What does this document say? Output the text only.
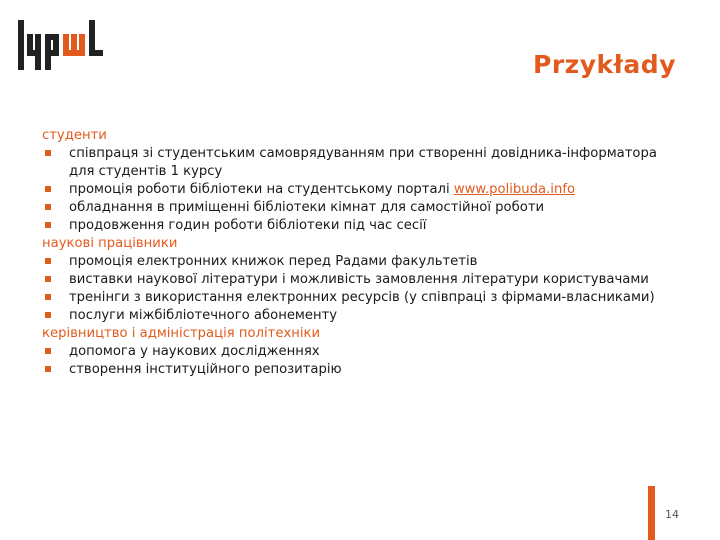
Przykłady
студенти
співпраця зі студентським самоврядуванням при створенні довідника-інформатора для студентів 1 курсу
промоція роботи бібліотеки на студентському порталі www.polibuda.info
обладнання в приміщенні бібліотеки кімнат для самостійної роботи
продовження годин роботи бібліотеки під час сесії
наукові працівники
промоція електронних книжок перед Радами факультетів
виставки наукової літератури і можливість замовлення літератури користувачами
тренінги з використання електронних ресурсів (у співпраці з фірмами-власниками)
послуги міжбібліотечного абонементу
керівництво і адміністрація політехніки
допомога у наукових дослідженнях
створення інституційного репозитарію
14
